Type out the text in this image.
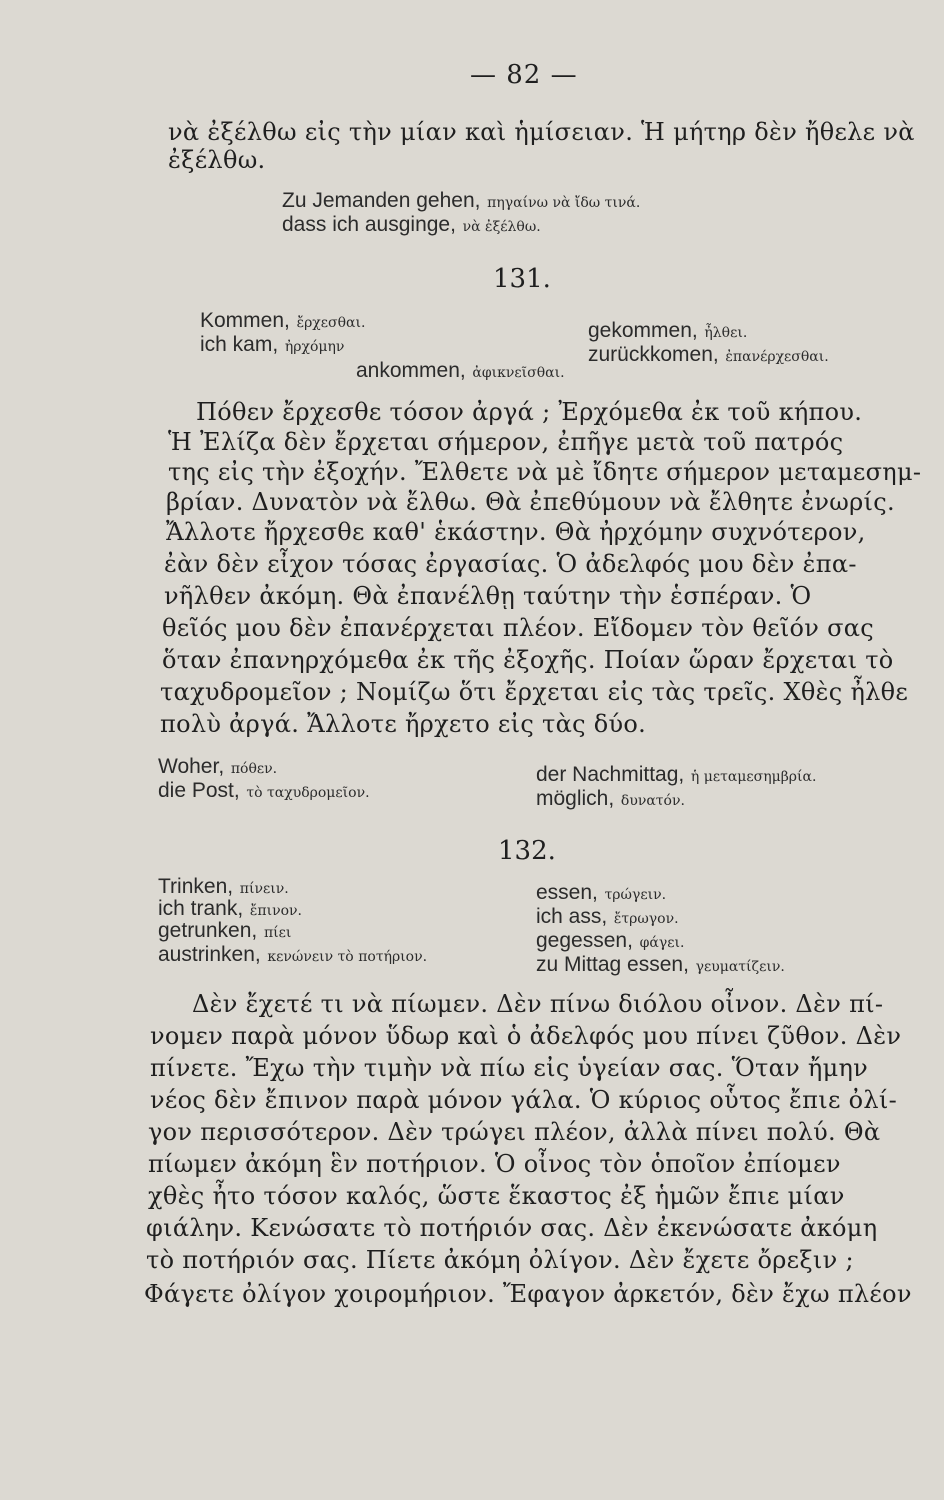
— 82 —
νὰ ἐξέλθω εἰς τὴν μίαν καὶ ἡμίσειαν. Ἡ μήτηρ δὲν ἤθελε νὰ
ἐξέλθω.
Zu Jemanden gehen, πηγαίνω νὰ ἴδω τινά.
dass ich ausginge, νὰ ἐξέλθω.
131.
Kommen, ἔρχεσθαι.
ich kam, ἠρχόμην
gekommen, ἦλθει.
zurückkomen, ἐπανέρχεσθαι.
ankommen, ἀφικνεῖσθαι.
Πόθεν ἔρχεσθε τόσον ἀργά ; Ἐρχόμεθα ἐκ τοῦ κήπου.
Ἡ Ἐλίζα δὲν ἔρχεται σήμερον, ἐπῆγε μετὰ τοῦ πατρός
της εἰς τὴν ἐξοχήν. Ἔλθετε νὰ μὲ ἴδητε σήμερον μεταμεσημ-
βρίαν. Δυνατὸν νὰ ἔλθω. Θὰ ἐπεθύμουν νὰ ἔλθητε ἐνωρίς.
Ἄλλοτε ἤρχεσθε καθ' ἑκάστην. Θὰ ἠρχόμην συχνότερον,
ἐὰν δὲν εἶχον τόσας ἐργασίας. Ὁ ἀδελφός μου δὲν ἐπα-
νῆλθεν ἀκόμη. Θὰ ἐπανέλθῃ ταύτην τὴν ἑσπέραν. Ὁ
θεῖός μου δὲν ἐπανέρχεται πλέον. Εἴδομεν τὸν θεῖόν σας
ὅταν ἐπανηρχόμεθα ἐκ τῆς ἐξοχῆς. Ποίαν ὥραν ἔρχεται τὸ
ταχυδρομεῖον ; Νομίζω ὅτι ἔρχεται εἰς τὰς τρεῖς. Χθὲς ἦλθε
πολὺ ἀργά. Ἄλλοτε ἤρχετο εἰς τὰς δύο.
Woher, πόθεν.
die Post, τὸ ταχυδρομεῖον.
der Nachmittag, ἡ μεταμεσημβρία.
möglich, δυνατόν.
132.
Trinken, πίνειν.
ich trank, ἔπινον.
getrunken, πίει
austrinken, κενώνειν τὸ ποτήριον.
essen, τρώγειν.
ich ass, ἔτρωγον.
gegessen, φάγει.
zu Mittag essen, γευματίζειν.
Δὲν ἔχετέ τι νὰ πίωμεν. Δὲν πίνω διόλου οἶνον. Δὲν πί-
νομεν παρὰ μόνον ὕδωρ καὶ ὁ ἀδελφός μου πίνει ζῦθον. Δὲν
πίνετε. Ἔχω τὴν τιμὴν νὰ πίω εἰς ὑγείαν σας. Ὅταν ἤμην
νέος δὲν ἔπινον παρὰ μόνον γάλα. Ὁ κύριος οὗτος ἔπιε ὀλί-
γον περισσότερον. Δὲν τρώγει πλέον, ἀλλὰ πίνει πολύ. Θὰ
πίωμεν ἀκόμη ἓν ποτήριον. Ὁ οἶνος τὸν ὁποῖον ἐπίομεν
χθὲς ἦτο τόσον καλός, ὥστε ἕκαστος ἐξ ἡμῶν ἔπιε μίαν
φιάλην. Κενώσατε τὸ ποτήριόν σας. Δὲν ἐκενώσατε ἀκόμη
τὸ ποτήριόν σας. Πίετε ἀκόμη ὀλίγον. Δὲν ἔχετε ὄρεξιν ;
Φάγετε ὀλίγον χοιρομήριον. Ἔφαγον ἀρκετόν, δὲν ἔχω πλέον
